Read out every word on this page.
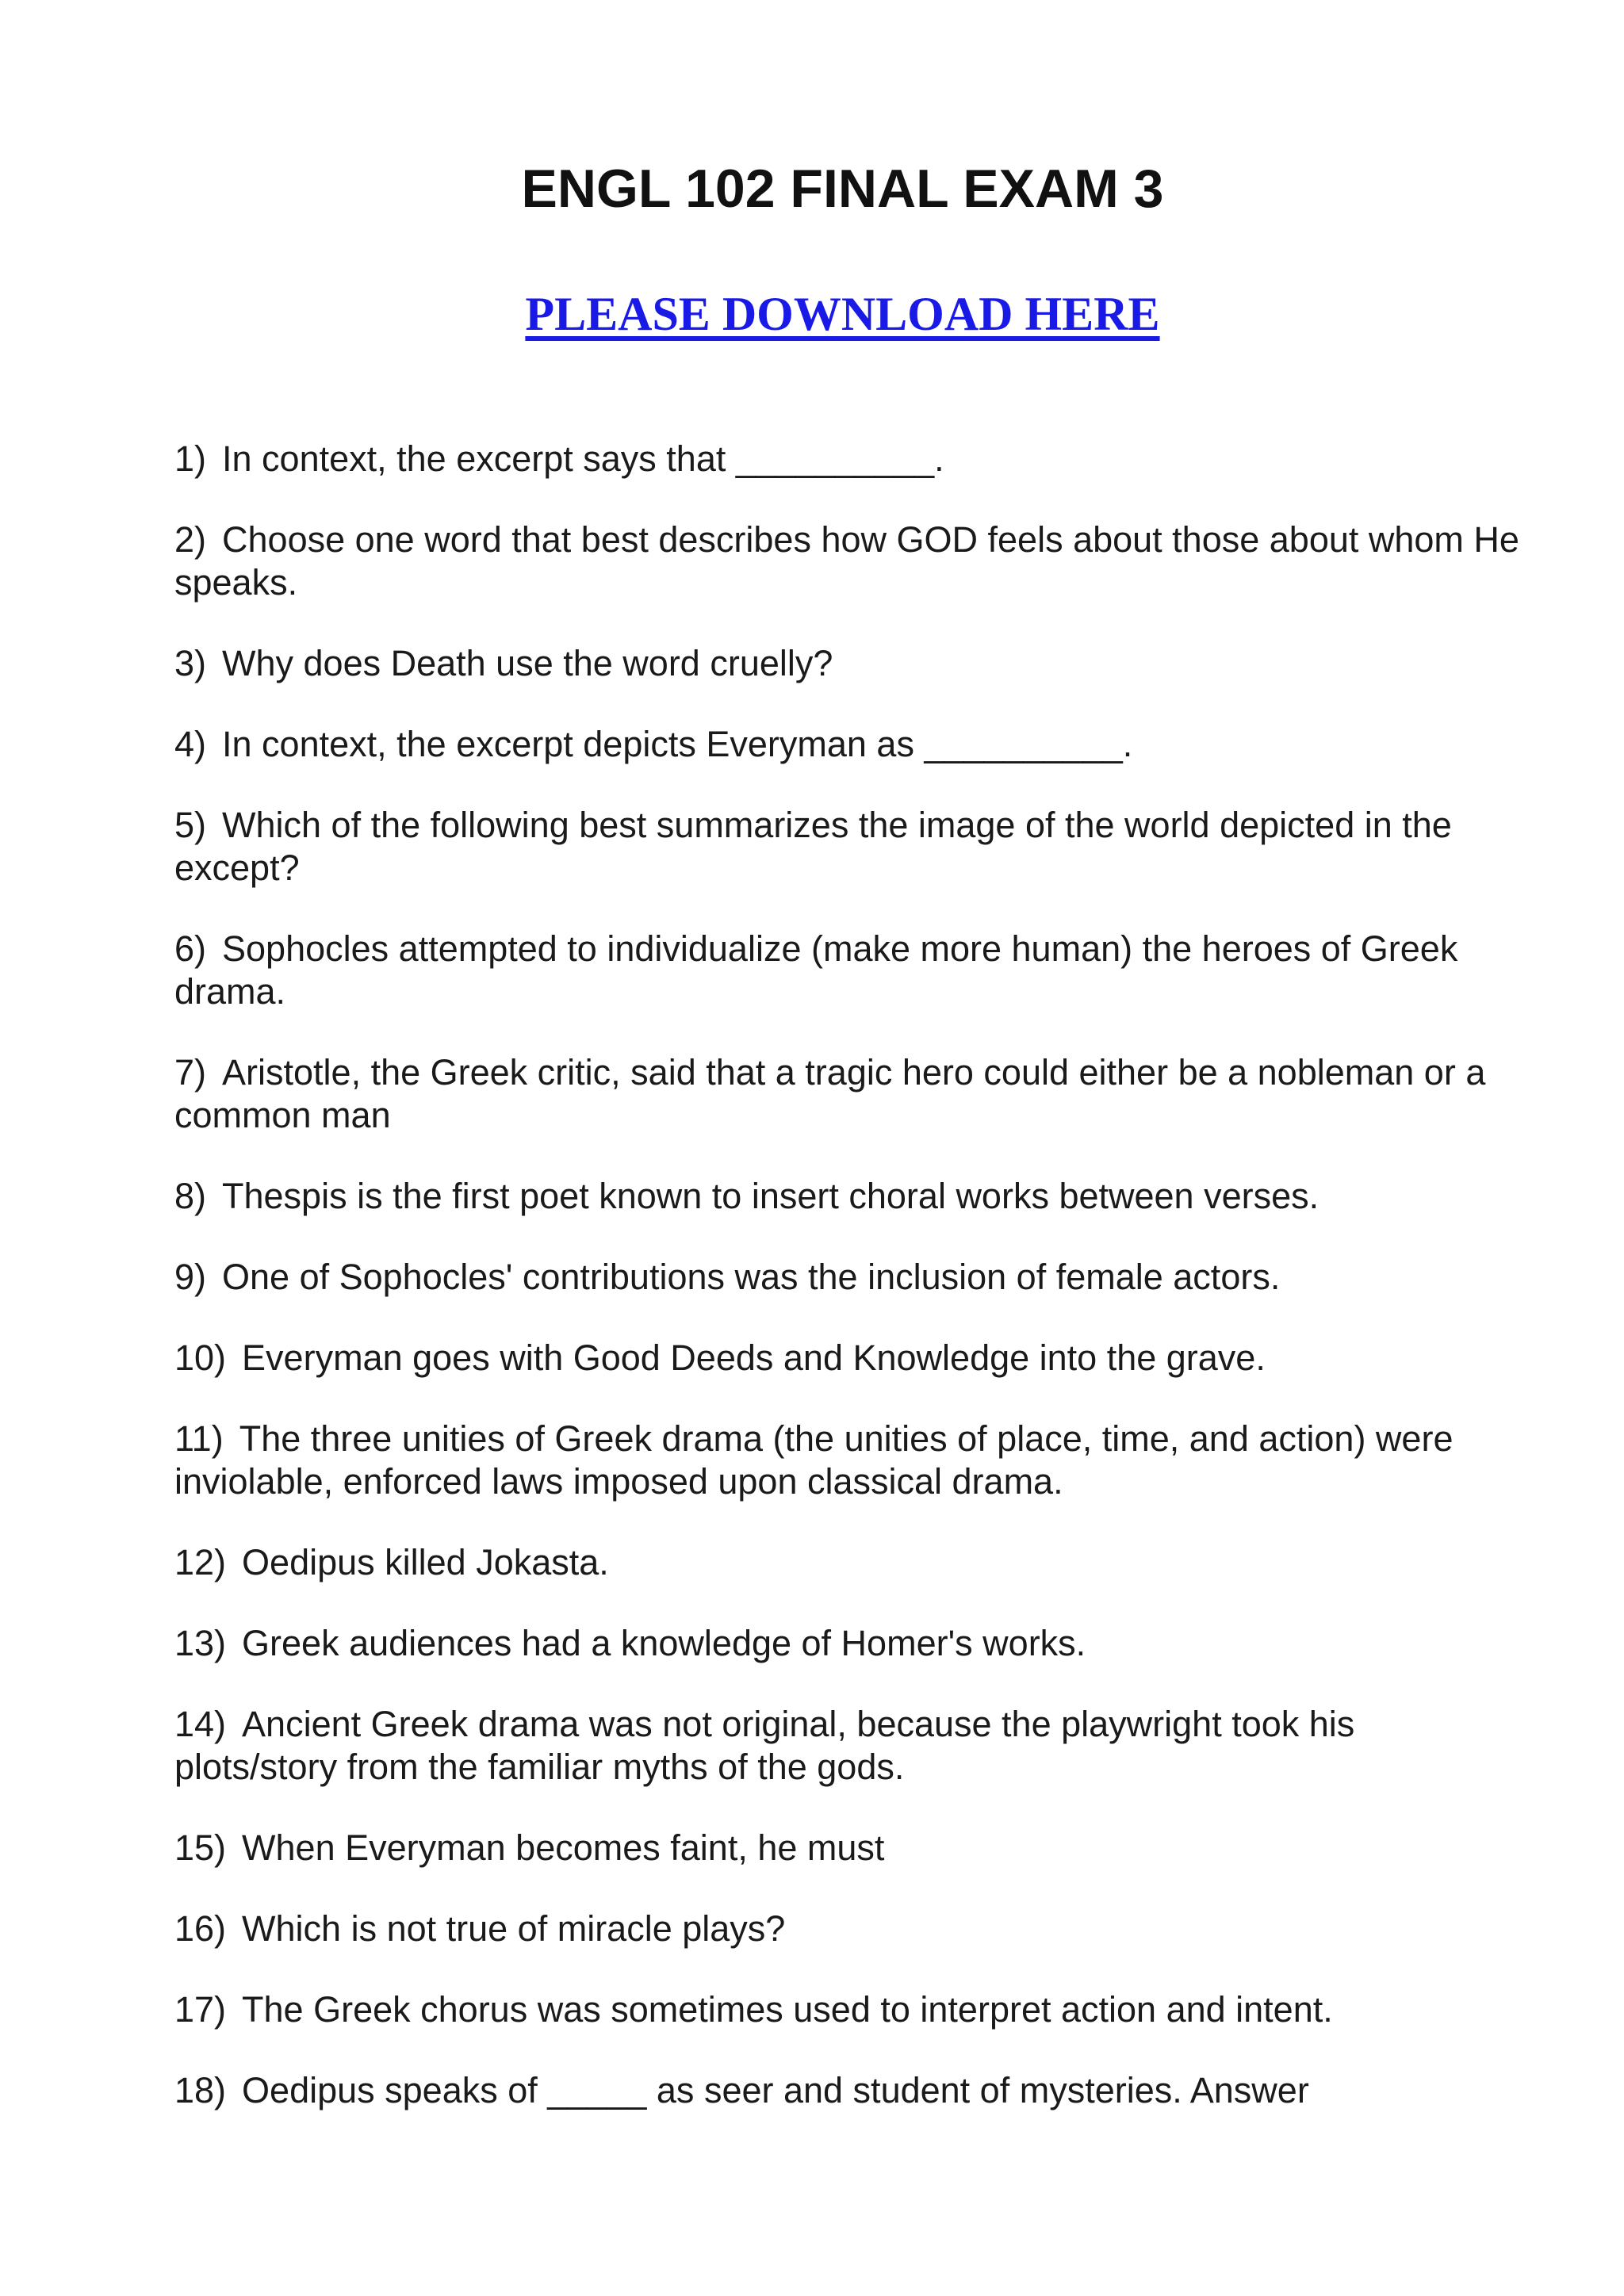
ENGL 102 FINAL EXAM 3
PLEASE DOWNLOAD HERE
1) In context, the excerpt says that __________.
2) Choose one word that best describes how GOD feels about those about whom He speaks.
3) Why does Death use the word cruelly?
4) In context, the excerpt depicts Everyman as __________.
5) Which of the following best summarizes the image of the world depicted in the except?
6) Sophocles attempted to individualize (make more human) the heroes of Greek drama.
7) Aristotle, the Greek critic, said that a tragic hero could either be a nobleman or a common man
8) Thespis is the first poet known to insert choral works between verses.
9) One of Sophocles' contributions was the inclusion of female actors.
10) Everyman goes with Good Deeds and Knowledge into the grave.
11) The three unities of Greek drama (the unities of place, time, and action) were inviolable, enforced laws imposed upon classical drama.
12) Oedipus killed Jokasta.
13) Greek audiences had a knowledge of Homer's works.
14) Ancient Greek drama was not original, because the playwright took his plots/story from the familiar myths of the gods.
15) When Everyman becomes faint, he must
16) Which is not true of miracle plays?
17) The Greek chorus was sometimes used to interpret action and intent.
18) Oedipus speaks of _____ as seer and student of mysteries. Answer
